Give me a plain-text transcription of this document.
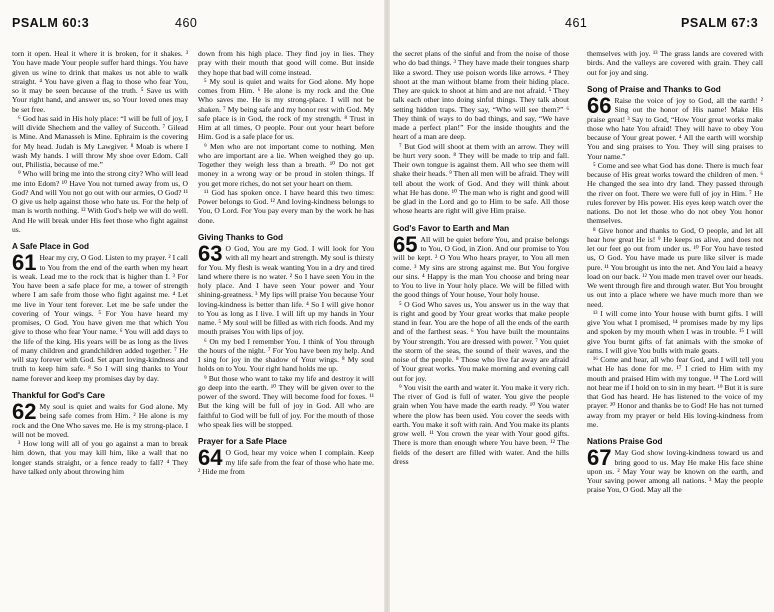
PSALM 60:3	460

torn it open. Heal it where it is broken, for it shakes. ³ You have made Your people suffer hard things. You have given us wine to drink that makes us not able to walk straight. ⁴ You have given a flag to those who fear You, so it may be seen because of the truth. ⁵ Save us with Your right hand, and answer us, so Your loved ones may be set free.

⁶ God has said in His holy place: “I will be full of joy, I will divide Shechem and the valley of Succoth. ⁷ Gilead is Mine. And Manasseh is Mine. Ephraim is the covering for My head. Judah is My Lawgiver. ⁸ Moab is where I wash My hands. I will throw My shoe over Edom. Call out, Philistia, because of me.”

⁹ Who will bring me into the strong city? Who will lead me into Edom? ¹⁰ Have You not turned away from us, O God? And will You not go out with our armies, O God? ¹¹ O give us help against those who hate us. For the help of man is worth nothing. ¹² With God's help we will do well. And He will break under His feet those who fight against us.

A Safe Place in God

61 Hear my cry, O God. Listen to my prayer. ² I call to You from the end of the earth when my heart is weak. Lead me to the rock that is higher than I. ³ For You have been a safe place for me, a tower of strength where I am safe from those who fight against me. ⁴ Let me live in Your tent forever. Let me be safe under the covering of Your wings. ⁵ For You have heard my promises, O God. You have given me that which You give to those who fear Your name. ⁶ You will add days to the life of the king. His years will be as long as the lives of many children and grandchildren added together. ⁷ He will stay forever with God. Set apart loving-kindness and truth to keep him safe. ⁸ So I will sing thanks to Your name forever and keep my promises day by day.

Thankful for God's Care

62 My soul is quiet and waits for God alone. My being safe comes from Him. ² He alone is my rock and the One Who saves me. He is my strong-place. I will not be moved.

³ How long will all of you go against a man to break him down, that you may kill him, like a wall that no longer stands straight, or a fence ready to fall? ⁴ They have talked only about throwing him

down from his high place. They find joy in lies. They pray with their mouth that good will come. But inside they hope that bad will come instead.

⁵ My soul is quiet and waits for God alone. My hope comes from Him. ⁶ He alone is my rock and the One Who saves me. He is my strong-place. I will not be shaken. ⁷ My being safe and my honor rest with God. My safe place is in God, the rock of my strength. ⁸ Trust in Him at all times, O people. Pour out your heart before Him. God is a safe place for us.

⁹ Men who are not important come to nothing. Men who are important are a lie. When weighed they go up. Together they weigh less than a breath. ¹⁰ Do not get money in a wrong way or be proud in stolen things. If you get more riches, do not set your heart on them.

¹¹ God has spoken once. I have heard this two times: Power belongs to God. ¹² And loving-kindness belongs to You, O Lord. For You pay every man by the work he has done.

Giving Thanks to God

63 O God, You are my God. I will look for You with all my heart and strength. My soul is thirsty for You. My flesh is weak wanting You in a dry and tired land where there is no water. ² So I have seen You in the holy place. And I have seen Your power and Your shining-greatness. ³ My lips will praise You because Your loving-kindness is better than life. ⁴ So I will give honor to You as long as I live. I will lift up my hands in Your name. ⁵ My soul will be filled as with rich foods. And my mouth praises You with lips of joy.

⁶ On my bed I remember You. I think of You through the hours of the night. ⁷ For You have been my help. And I sing for joy in the shadow of Your wings. ⁸ My soul holds on to You. Your right hand holds me up.

⁹ But those who want to take my life and destroy it will go deep into the earth. ¹⁰ They will be given over to the power of the sword. They will become food for foxes. ¹¹ But the king will be full of joy in God. All who are faithful to God will be full of joy. For the mouth of those who speak lies will be stopped.

Prayer for a Safe Place

64 O God, hear my voice when I complain. Keep my life safe from the fear of those who hate me. ² Hide me from

461	PSALM 67:3

the secret plans of the sinful and from the noise of those who do bad things. ³ They have made their tongues sharp like a sword. They use poison words like arrows. ⁴ They shoot at the man without blame from their hiding place. They are quick to shoot at him and are not afraid. ⁵ They talk each other into doing sinful things. They talk about setting hidden traps. They say, “Who will see them?” ⁶ They think of ways to do bad things, and say, “We have made a perfect plan!” For the inside thoughts and the heart of a man are deep.

⁷ But God will shoot at them with an arrow. They will be hurt very soon. ⁸ They will be made to trip and fall. Their own tongue is against them. All who see them will shake their heads. ⁹ Then all men will be afraid. They will tell about the work of God. And they will think about what He has done. ¹⁰ The man who is right and good will be glad in the Lord and go to Him to be safe. All those whose hearts are right will give Him praise.

God's Favor to Earth and Man

65 All will be quiet before You, and praise belongs to You, O God, in Zion. And our promise to You will be kept. ² O You Who hears prayer, to You all men come. ³ My sins are strong against me. But You forgive our sins. ⁴ Happy is the man You choose and bring near to You to live in Your holy place. We will be filled with the good things of Your house, Your holy house.

⁵ O God Who saves us, You answer us in the way that is right and good by Your great works that make people stand in fear. You are the hope of all the ends of the earth and of the farthest seas. ⁶ You have built the mountains by Your strength. You are dressed with power. ⁷ You quiet the storm of the seas, the sound of their waves, and the noise of the people. ⁸ Those who live far away are afraid of Your great works. You make morning and evening call out for joy.

⁹ You visit the earth and water it. You make it very rich. The river of God is full of water. You give the people grain when You have made the earth ready. ¹⁰ You water where the plow has been used. You cover the seeds with earth. You make it soft with rain. And You make its plants grow well. ¹¹ You crown the year with Your good gifts. There is more than enough where You have been. ¹² The fields of the desert are filled with water. And the hills dress

themselves with joy. ¹³ The grass lands are covered with birds. And the valleys are covered with grain. They call out for joy and sing.

Song of Praise and Thanks to God

66 Raise the voice of joy to God, all the earth! ² Sing out the honor of His name! Make His praise great! ³ Say to God, “How Your great works make those who hate You afraid! They will have to obey You because of Your great power. ⁴ All the earth will worship You and sing praises to You. They will sing praises to Your name.”

⁵ Come and see what God has done. There is much fear because of His great works toward the children of men. ⁶ He changed the sea into dry land. They passed through the river on foot. There we were full of joy in Him. ⁷ He rules forever by His power. His eyes keep watch over the nations. Do not let those who do not obey You honor themselves.

⁸ Give honor and thanks to God, O people, and let all hear how great He is! ⁹ He keeps us alive, and does not let our feet go out from under us. ¹⁰ For You have tested us, O God. You have made us pure like silver is made pure. ¹¹ You brought us into the net. And You laid a heavy load on our back. ¹² You made men travel over our heads. We went through fire and through water. But You brought us out into a place where we have much more than we need.

¹³ I will come into Your house with burnt gifts. I will give You what I promised, ¹⁴ promises made by my lips and spoken by my mouth when I was in trouble. ¹⁵ I will give You burnt gifts of fat animals with the smoke of rams. I will give You bulls with male goats.

¹⁶ Come and hear, all who fear God, and I will tell you what He has done for me. ¹⁷ I cried to Him with my mouth and praised Him with my tongue. ¹⁸ The Lord will not hear me if I hold on to sin in my heart. ¹⁹ But it is sure that God has heard. He has listened to the voice of my prayer. ²⁰ Honor and thanks be to God! He has not turned away from my prayer or held His loving-kindness from me.

Nations Praise God

67 May God show loving-kindness toward us and bring good to us. May He make His face shine upon us. ² May Your way be known on the earth, and Your saving power among all nations. ³ May the people praise You, O God. May all the
